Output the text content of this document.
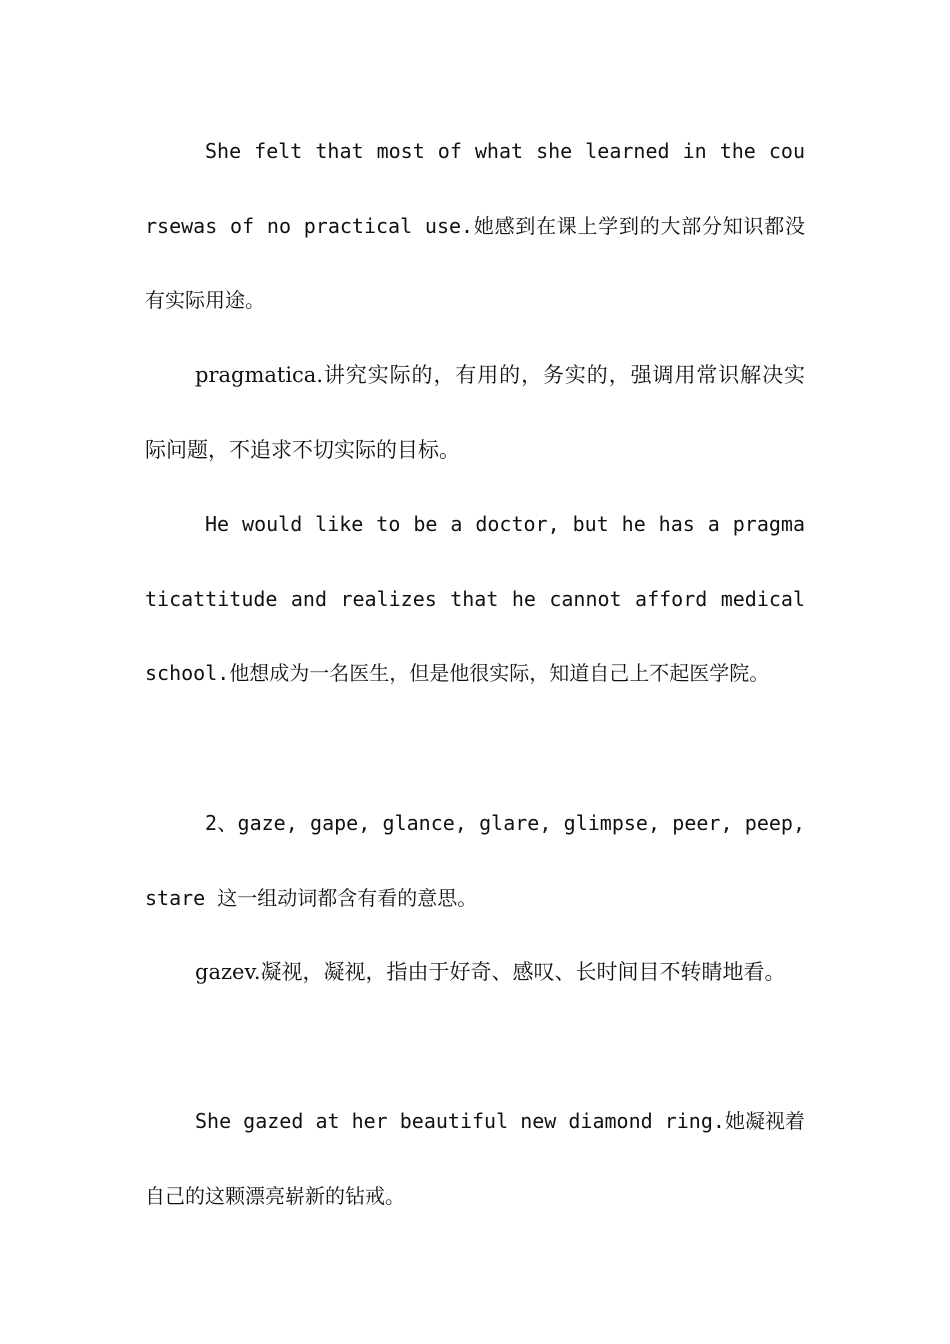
She felt that most of what she learned in the coursewas of no practical use.她感到在课上学到的大部分知识都没有实际用途。

pragmatica.讲究实际的，有用的，务实的，强调用常识解决实际问题，不追求不切实际的目标。

He would like to be a doctor, but he has a pragmaticattitude and realizes that he cannot afford medical school.他想成为一名医生，但是他很实际，知道自己上不起医学院。

2、gaze, gape, glance, glare, glimpse, peer, peep,stare 这一组动词都含有看的意思。

gazev.凝视，凝视，指由于好奇、感叹、长时间目不转睛地看。

She gazed at her beautiful new diamond ring.她凝视着自己的这颗漂亮崭新的钻戒。
